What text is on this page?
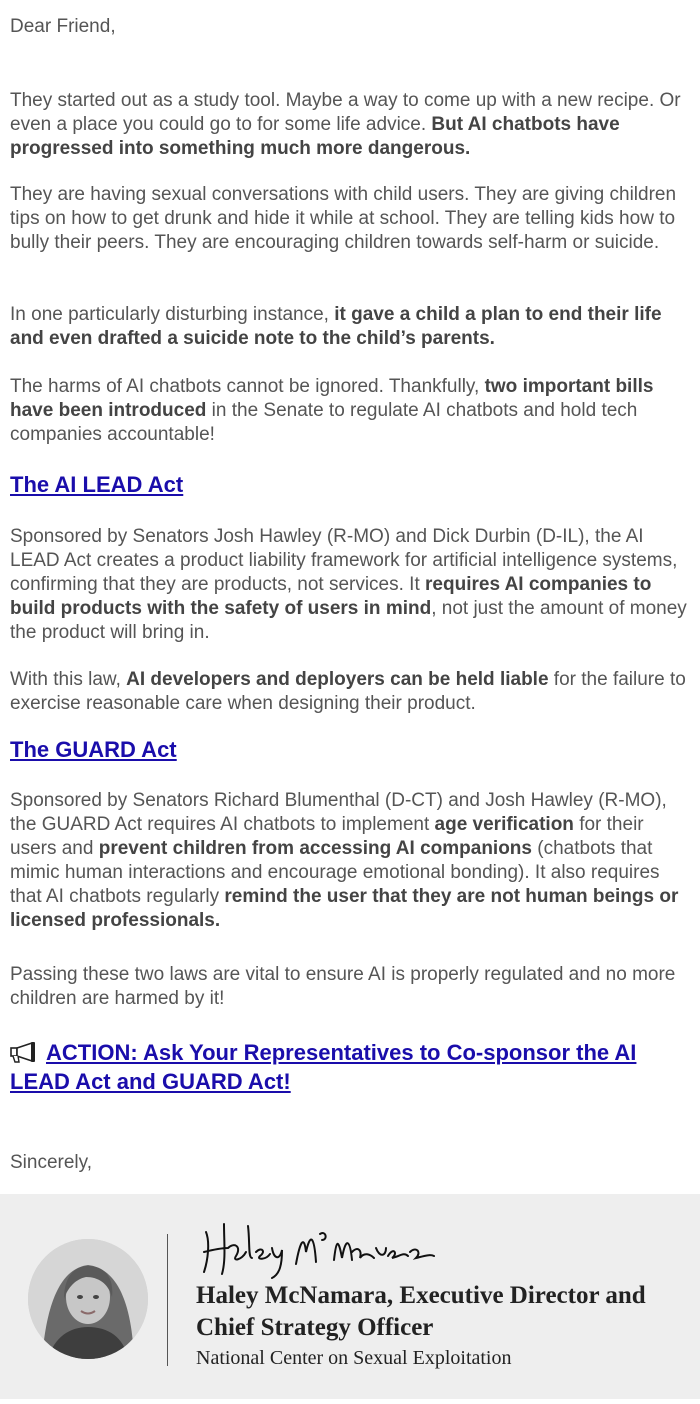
Dear Friend,

They started out as a study tool. Maybe a way to come up with a new recipe. Or even a place you could go to for some life advice. But AI chatbots have progressed into something much more dangerous.

They are having sexual conversations with child users. They are giving children tips on how to get drunk and hide it while at school. They are telling kids how to bully their peers. They are encouraging children towards self-harm or suicide.

In one particularly disturbing instance, it gave a child a plan to end their life and even drafted a suicide note to the child’s parents.

The harms of AI chatbots cannot be ignored. Thankfully, two important bills have been introduced in the Senate to regulate AI chatbots and hold tech companies accountable!

The AI LEAD Act

Sponsored by Senators Josh Hawley (R-MO) and Dick Durbin (D-IL), the AI LEAD Act creates a product liability framework for artificial intelligence systems, confirming that they are products, not services. It requires AI companies to build products with the safety of users in mind, not just the amount of money the product will bring in.

With this law, AI developers and deployers can be held liable for the failure to exercise reasonable care when designing their product.

The GUARD Act

Sponsored by Senators Richard Blumenthal (D-CT) and Josh Hawley (R-MO), the GUARD Act requires AI chatbots to implement age verification for their users and prevent children from accessing AI companions (chatbots that mimic human interactions and encourage emotional bonding). It also requires that AI chatbots regularly remind the user that they are not human beings or licensed professionals.

Passing these two laws are vital to ensure AI is properly regulated and no more children are harmed by it!

ACTION: Ask Your Representatives to Co-sponsor the AI LEAD Act and GUARD Act!

Sincerely,

Haley McNamara, Executive Director and Chief Strategy Officer
National Center on Sexual Exploitation
